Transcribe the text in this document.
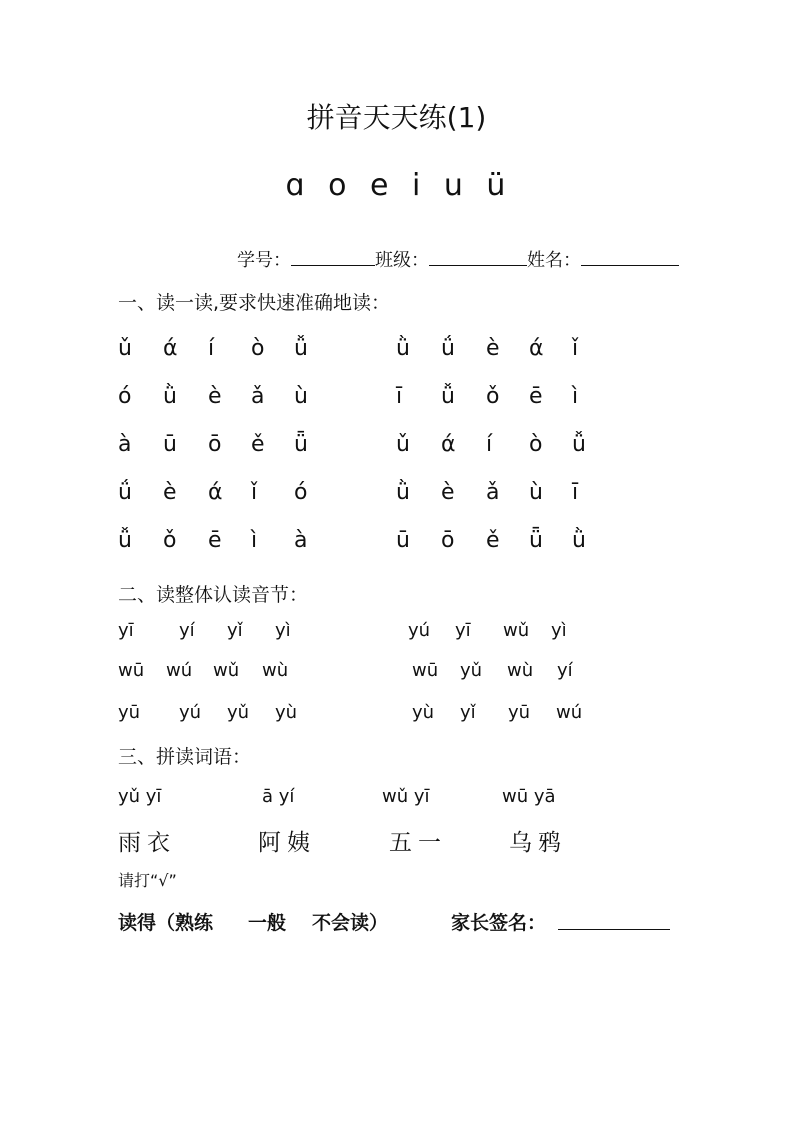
拼音天天练(1)
ɑ o e i u ü
学号：	班级：	姓名：
一、读一读,要求快速准确地读：
ǔ ά í ò ǚ	ǜ ǘ è ά ǐ
ó ǜ è ǎ ù	ī ǚ ǒ ē ì
à ū ō ě ǖ	ǔ ά í ò ǚ
ǘ è ά ǐ ó	ǜ è ǎ ù ī
ǚ ǒ ē ì à	ū ō ě ǖ ǜ
二、读整体认读音节：
yī	yí yǐ yì	yú yī wǔ yì
wū wú wǔ wù	wū yǔ wù yí
yū yú yǔ yù	yù yǐ yū wú
三、拼读词语：
yǔ yī	ā yí	wǔ yī	wū yā
雨衣	阿姨	五一	乌鸦
请打“√”
读得（熟练 一般 不会读）	家长签名：
